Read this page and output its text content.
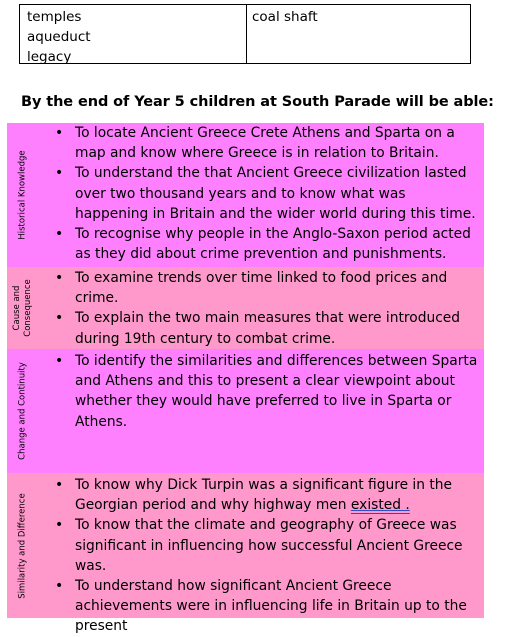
temples
aqueduct
legacy
coal shaft
By the end of Year 5 children at South Parade will be able:
Historical Knowledge
• To locate Ancient Greece Crete Athens and Sparta on a map and know where Greece is in relation to Britain.
• To understand the that Ancient Greece civilization lasted over two thousand years and to know what was happening in Britain and the wider world during this time.
• To recognise why people in the Anglo-Saxon period acted as they did about crime prevention and punishments.
Cause and
Consequence
• To examine trends over time linked to food prices and crime.
• To explain the two main measures that were introduced during 19th century to combat crime.
Change and Continuity
• To identify the similarities and differences between Sparta and Athens and this to present a clear viewpoint about whether they would have preferred to live in Sparta or Athens.
Similarity and Difference
• To know why Dick Turpin was a significant figure in the Georgian period and why highway men existed .
• To know that the climate and geography of Greece was significant in influencing how successful Ancient Greece was.
• To understand how significant Ancient Greece achievements were in influencing life in Britain up to the present
